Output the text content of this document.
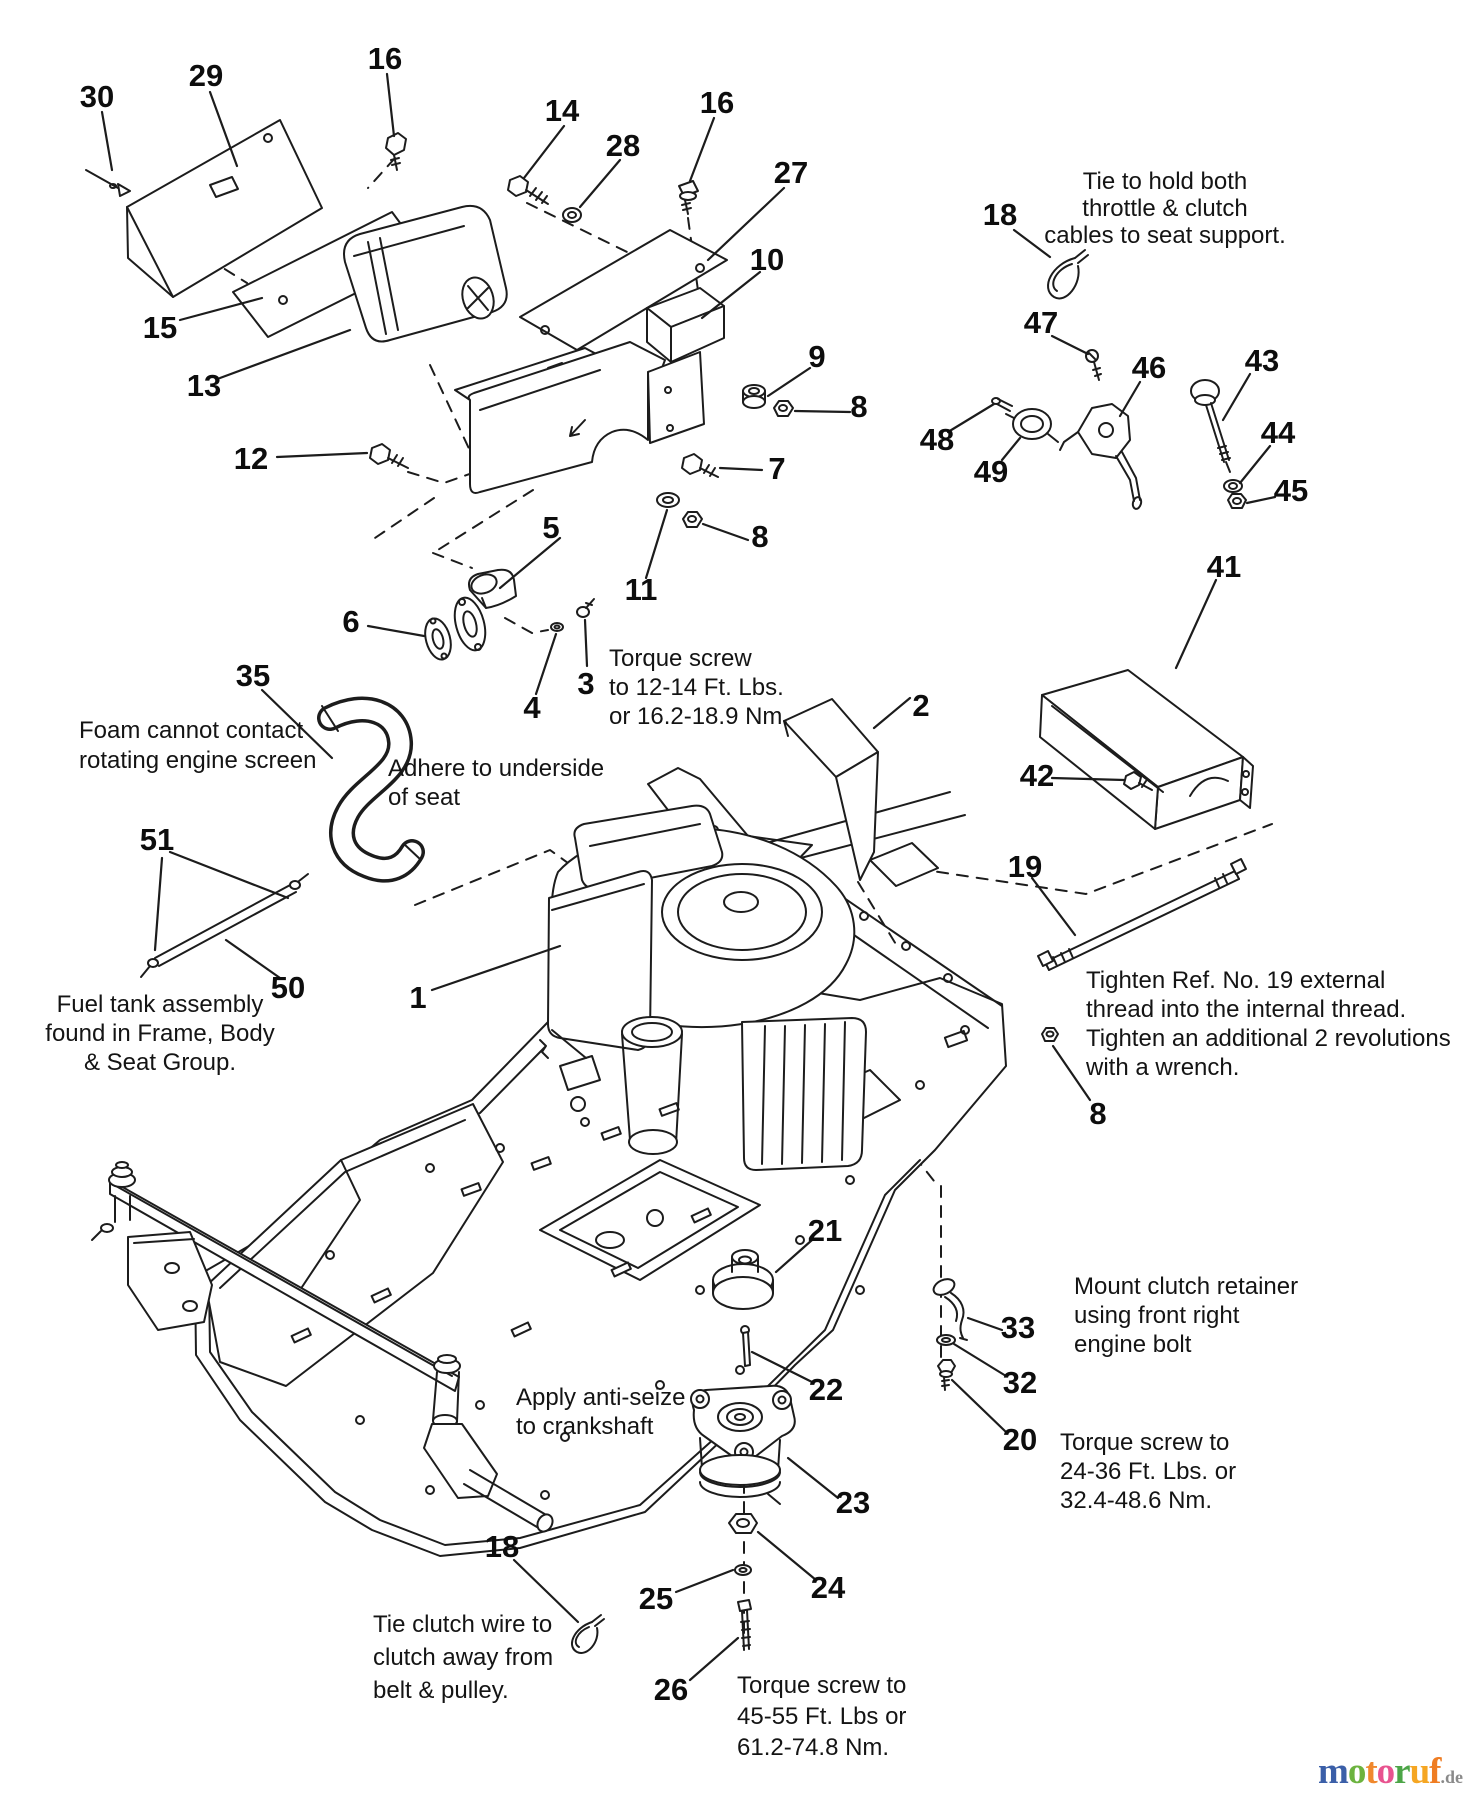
motoruf.de
30
29	16
14
28
16
27
10
9
8
12	7
15
13
5
11
8
6
4
3
35
2
41
42
18
47
46
48
49
43
44
45
51
50	1
19
8
21
22
23
24
25
26
18
33
32
20
Tie to hold both
throttle & clutch
cables to seat support.
Torque screw
to 12-14 Ft. Lbs.
or 16.2-18.9 Nm.
Foam cannot contact
rotating engine screen	Adhere to underside
of seat
Fuel tank assembly
found in Frame, Body
& Seat Group.
Tighten Ref. No. 19 external
thread into the internal thread.
Tighten an additional 2 revolutions
with a wrench.
Mount clutch retainer
using front right
engine bolt
Torque screw to
24-36 Ft. Lbs. or
32.4-48.6 Nm.
Apply anti-seize
to crankshaft
Tie clutch wire to
clutch away from
belt & pulley.	Torque screw to
45-55 Ft. Lbs or
61.2-74.8 Nm.
